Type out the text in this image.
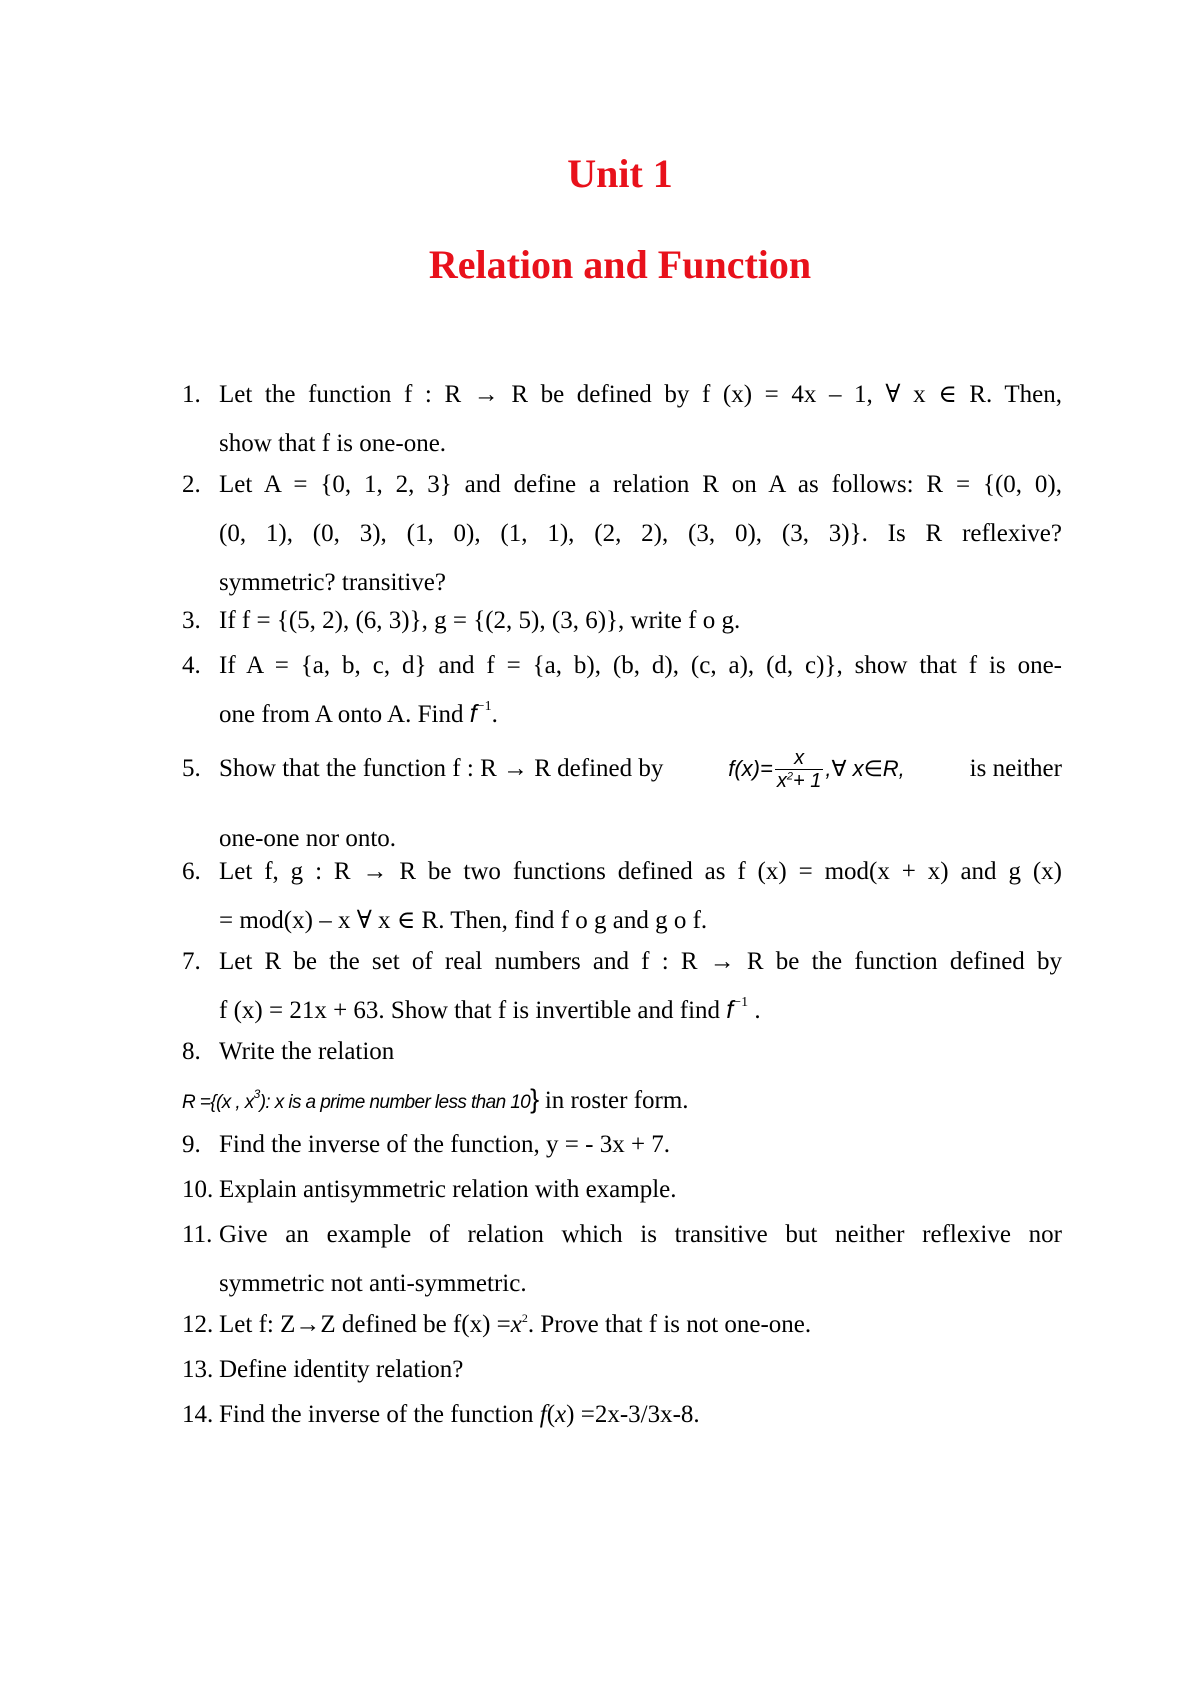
Unit 1
Relation and Function
1. Let the function f : R → R be defined by f (x) = 4x – 1, ∀ x ∈ R. Then,
show that f is one-one.
2. Let A = {0, 1, 2, 3} and define a relation R on A as follows: R = {(0, 0),
(0, 1), (0, 3), (1, 0), (1, 1), (2, 2), (3, 0), (3, 3)}. Is R reflexive?
symmetric? transitive?
3. If f = {(5, 2), (6, 3)}, g = {(2, 5), (3, 6)}, write f o g.
4. If A = {a, b, c, d} and f = {a, b), (b, d), (c, a), (d, c)}, show that f is one-
one from A onto A. Find $f^{-1}$.
5. Show that the function f : R → R defined by	$f(x)= \frac{x}{x^2+ 1}$ ,∀ x∈R,	is neither
one-one nor onto.
6. Let f, g : R → R be two functions defined as f (x) = mod(x + x) and g (x)
= mod(x) – x ∀ x ∈ R. Then, find f o g and g o f.
7. Let R be the set of real numbers and f : R → R be the function defined by
f (x) = 21x + 63. Show that f is invertible and find $f^{-1}$ .
8. Write the relation
R ={(x , $x^3$): x is a prime number less than 10} in roster form.
9. Find the inverse of the function, y = - 3x + 7.
10. Explain antisymmetric relation with example.
11. Give an example of relation which is transitive but neither reflexive nor
symmetric not anti-symmetric.
12. Let f: Z→Z defined be $f(x) =x^2$. Prove that f is not one-one.
13. Define identity relation?
14. Find the inverse of the function f(x) =2x-3/3x-8.
